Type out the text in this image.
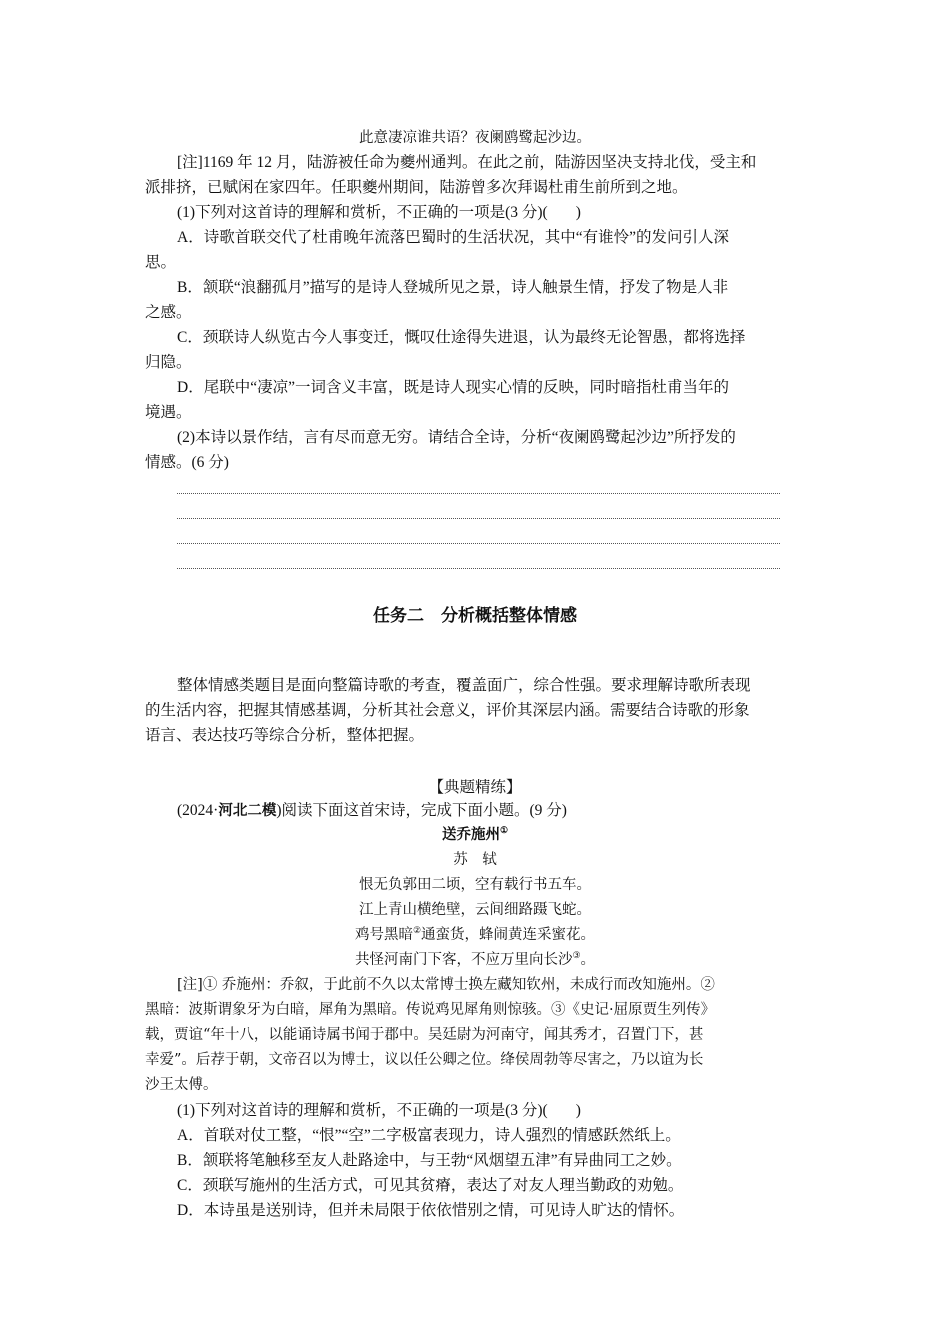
此意凄凉谁共语？夜阑鸥鹭起沙边。
[注]1169 年 12 月，陆游被任命为夔州通判。在此之前，陆游因坚决支持北伐，受主和
派排挤，已赋闲在家四年。任职夔州期间，陆游曾多次拜谒杜甫生前所到之地。
(1)下列对这首诗的理解和赏析，不正确的一项是(3 分)( )
A．诗歌首联交代了杜甫晚年流落巴蜀时的生活状况，其中“有谁怜”的发问引人深
思。
B．颔联“浪翻孤月”描写的是诗人登城所见之景，诗人触景生情，抒发了物是人非
之感。
C．颈联诗人纵览古今人事变迁，慨叹仕途得失进退，认为最终无论智愚，都将选择
归隐。
D．尾联中“凄凉”一词含义丰富，既是诗人现实心情的反映，同时暗指杜甫当年的
境遇。
(2)本诗以景作结，言有尽而意无穷。请结合全诗，分析“夜阑鸥鹭起沙边”所抒发的
情感。(6 分)
任务二　分析概括整体情感
整体情感类题目是面向整篇诗歌的考查，覆盖面广，综合性强。要求理解诗歌所表现
的生活内容，把握其情感基调，分析其社会意义，评价其深层内涵。需要结合诗歌的形象
语言、表达技巧等综合分析，整体把握。
【典题精练】
(2024·河北二模)阅读下面这首宋诗，完成下面小题。(9 分)
送乔施州①
苏　轼
恨无负郭田二顷，空有载行书五车。
江上青山横绝壁，云间细路蹑飞蛇。
鸡号黑暗②通蛮货，蜂闹黄连采蜜花。
共怪河南门下客，不应万里向长沙③。
[注]① 乔施州：乔叙，于此前不久以太常博士换左藏知钦州，未成行而改知施州。②
黑暗：波斯谓象牙为白暗，犀角为黑暗。传说鸡见犀角则惊骇。③《史记·屈原贾生列传》
载，贾谊“年十八，以能诵诗属书闻于郡中。吴廷尉为河南守，闻其秀才，召置门下，甚
幸爱”。后荐于朝，文帝召以为博士，议以任公卿之位。绛侯周勃等尽害之，乃以谊为长
沙王太傅。
(1)下列对这首诗的理解和赏析，不正确的一项是(3 分)( )
A．首联对仗工整，“恨”“空”二字极富表现力，诗人强烈的情感跃然纸上。
B．颔联将笔触移至友人赴路途中，与王勃“风烟望五津”有异曲同工之妙。
C．颈联写施州的生活方式，可见其贫瘠，表达了对友人理当勤政的劝勉。
D．本诗虽是送别诗，但并未局限于依依惜别之情，可见诗人旷达的情怀。
